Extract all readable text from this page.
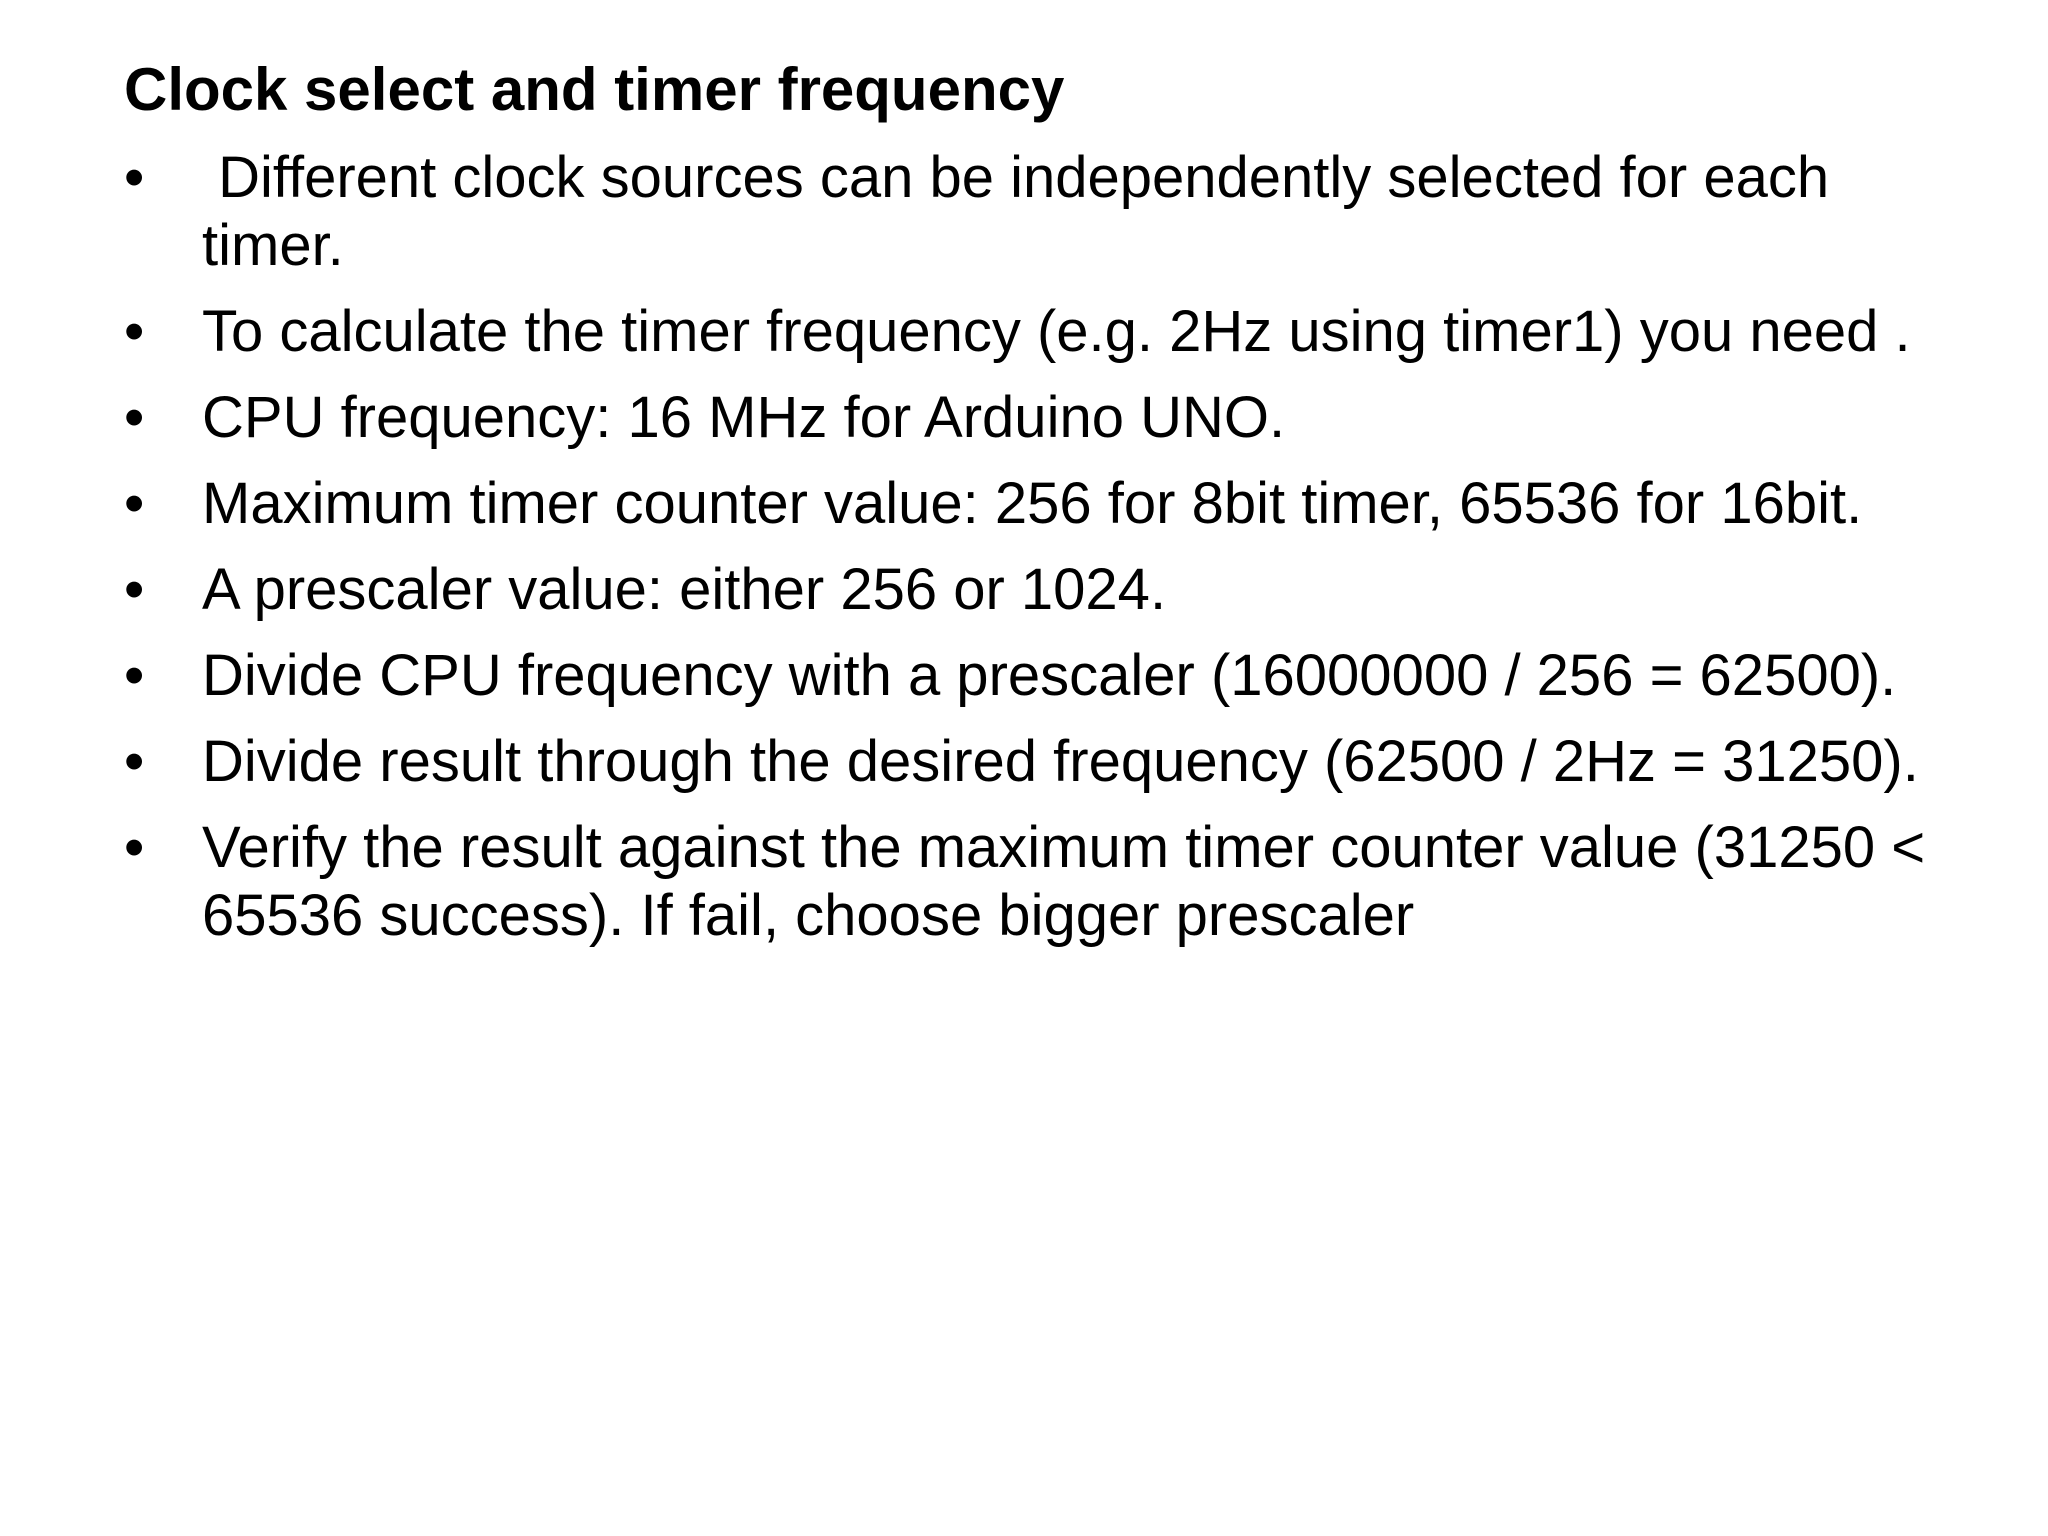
Clock select and timer frequency
• Different clock sources can be independently selected for each timer.
• To calculate the timer frequency (e.g. 2Hz using timer1) you need .
• CPU frequency: 16 MHz for Arduino UNO.
• Maximum timer counter value: 256 for 8bit timer, 65536 for 16bit.
• A prescaler value: either 256 or 1024.
• Divide CPU frequency with a prescaler (16000000 / 256 = 62500).
• Divide result through the desired frequency (62500 / 2Hz = 31250).
• Verify the result against the maximum timer counter value (31250 < 65536 success). If fail, choose bigger prescaler
